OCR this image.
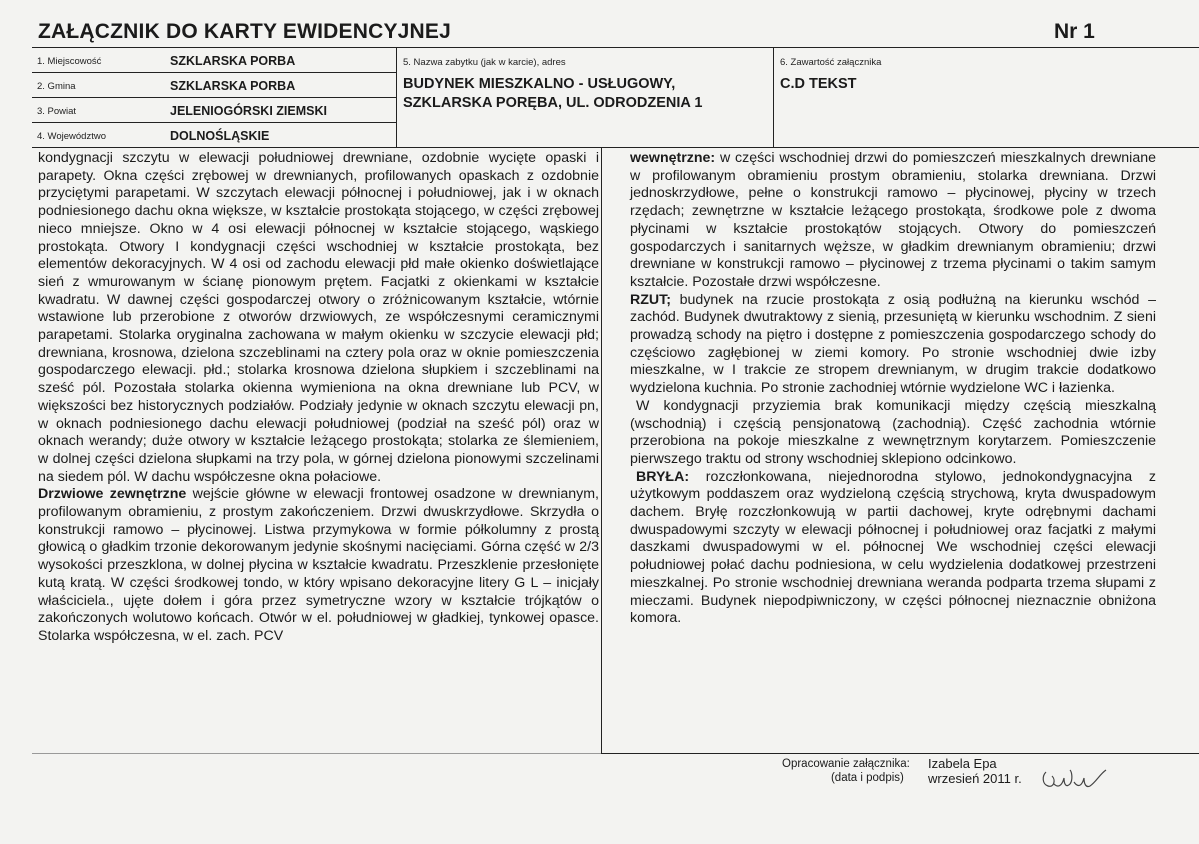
ZAŁĄCZNIK DO KARTY EWIDENCYJNEJ	Nr 1
1. Miejscowość	SZKLARSKA PORBA
2. Gmina	SZKLARSKA PORBA
3. Powiat	JELENIOGÓRSKI ZIEMSKI
4. Województwo	DOLNOŚLĄSKIE
5. Nazwa zabytku (jak w karcie), adres
BUDYNEK MIESZKALNO - USŁUGOWY,
SZKLARSKA PORĘBA, UL. ODRODZENIA 1
6. Zawartość załącznika
C.D TEKST

kondygnacji szczytu w elewacji południowej drewniane, ozdobnie wycięte opaski i parapety. Okna części zrębowej w drewnianych, profilowanych opaskach z ozdobnie przyciętymi parapetami. W szczytach elewacji północnej i południowej, jak i w oknach podniesionego dachu okna większe, w kształcie prostokąta stojącego, w części zrębowej nieco mniejsze. Okno w 4 osi elewacji północnej w kształcie stojącego, wąskiego prostokąta. Otwory I kondygnacji części wschodniej w kształcie prostokąta, bez elementów dekoracyjnych. W 4 osi od zachodu elewacji płd małe okienko doświetlające sień z wmurowanym w ścianę pionowym prętem. Facjatki z okienkami w kształcie kwadratu. W dawnej części gospodarczej otwory o zróżnicowanym kształcie, wtórnie wstawione lub przerobione z otworów drzwiowych, ze współczesnymi ceramicznymi parapetami. Stolarka oryginalna zachowana w małym okienku w szczycie elewacji płd; drewniana, krosnowa, dzielona szczeblinami na cztery pola oraz w oknie pomieszczenia gospodarczego elewacji. płd.; stolarka krosnowa dzielona słupkiem i szczeblinami na sześć pól. Pozostała stolarka okienna wymieniona na okna drewniane lub PCV, w większości bez historycznych podziałów. Podziały jedynie w oknach szczytu elewacji pn, w oknach podniesionego dachu elewacji południowej (podział na sześć pól) oraz w oknach werandy; duże otwory w kształcie leżącego prostokąta; stolarka ze ślemieniem, w dolnej części dzielona słupkami na trzy pola, w górnej dzielona pionowymi szczelinami na siedem pól. W dachu współczesne okna połaciowe.

Drzwiowe zewnętrzne wejście główne w elewacji frontowej osadzone w drewnianym, profilowanym obramieniu, z prostym zakończeniem. Drzwi dwuskrzydłowe. Skrzydła o konstrukcji ramowo – płycinowej. Listwa przymykowa w formie półkolumny z prostą głowicą o gładkim trzonie dekorowanym jedynie skośnymi nacięciami. Górna część w 2/3 wysokości przeszklona, w dolnej płycina w kształcie kwadratu. Przeszklenie przesłonięte kutą kratą. W części środkowej tondo, w który wpisano dekoracyjne litery G L – inicjały właściciela., ujęte dołem i góra przez symetryczne wzory w kształcie trójkątów o zakończonych wolutowo końcach. Otwór w el. południowej w gładkiej, tynkowej opasce. Stolarka współczesna, w el. zach. PCV

wewnętrzne: w części wschodniej drzwi do pomieszczeń mieszkalnych drewniane w profilowanym obramieniu prostym obramieniu, stolarka drewniana. Drzwi jednoskrzydłowe, pełne o konstrukcji ramowo – płycinowej, płyciny w trzech rzędach; zewnętrzne w kształcie leżącego prostokąta, środkowe pole z dwoma płycinami w kształcie prostokątów stojących. Otwory do pomieszczeń gospodarczych i sanitarnych węższe, w gładkim drewnianym obramieniu; drzwi drewniane w konstrukcji ramowo – płycinowej z trzema płycinami o takim samym kształcie. Pozostałe drzwi współczesne.

RZUT; budynek na rzucie prostokąta z osią podłużną na kierunku wschód – zachód. Budynek dwutraktowy z sienią, przesuniętą w kierunku wschodnim. Z sieni prowadzą schody na piętro i dostępne z pomieszczenia gospodarczego schody do częściowo zagłębionej w ziemi komory. Po stronie wschodniej dwie izby mieszkalne, w I trakcie ze stropem drewnianym, w drugim trakcie dodatkowo wydzielona kuchnia. Po stronie zachodniej wtórnie wydzielone WC i łazienka.

W kondygnacji przyziemia brak komunikacji między częścią mieszkalną (wschodnią) i częścią pensjonatową (zachodnią). Część zachodnia wtórnie przerobiona na pokoje mieszkalne z wewnętrznym korytarzem. Pomieszczenie pierwszego traktu od strony wschodniej sklepiono odcinkowo.

BRYŁA: rozczłonkowana, niejednorodna stylowo, jednokondygnacyjna z użytkowym poddaszem oraz wydzieloną częścią strychową, kryta dwuspadowym dachem. Bryłę rozczłonkowują w partii dachowej, kryte odrębnymi dachami dwuspadowymi szczyty w elewacji północnej i południowej oraz facjatki z małymi daszkami dwuspadowymi w el. północnej We wschodniej części elewacji południowej połać dachu podniesiona, w celu wydzielenia dodatkowej przestrzeni mieszkalnej. Po stronie wschodniej drewniana weranda podparta trzema słupami z mieczami. Budynek niepodpiwniczony, w części północnej nieznacznie obniżona komora.

Opracowanie załącznika:
(data i podpis)
Izabela Epa
wrzesień 2011 r.
